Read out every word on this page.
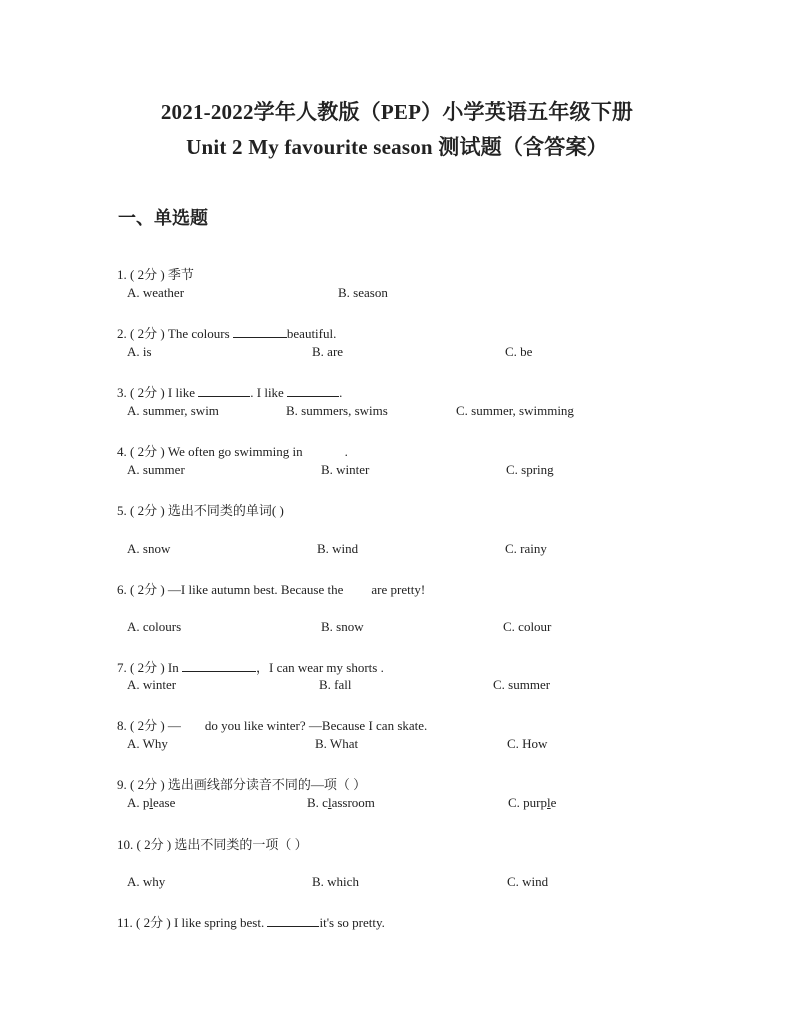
2021-2022学年人教版（PEP）小学英语五年级下册
Unit 2 My favourite season 测试题（含答案）
一、单选题
1. ( 2分 ) 季节
A. weather	B. season
2. ( 2分 ) The colours	beautiful.
A. is	B. are	C. be
3. ( 2分 ) I like	. I like	.
A. summer, swim	B. summers, swims	C. summer, swimming
4. ( 2分 ) We often go swimming in	.
A. summer	B. winter	C. spring
5. ( 2分 ) 选出不同类的单词( )
A. snow	B. wind	C. rainy
6. ( 2分 ) —I like autumn best. Because the are pretty!
A. colours	B. snow	C. colour
7. ( 2分 ) In	，I can wear my shorts .
A. winter	B. fall	C. summer
8. ( 2分 ) — do you like winter? —Because I can skate.
A. Why	B. What	C. How
9. ( 2分 ) 选出画线部分读音不同的—项（ ）
A. please	B. classroom	C. purple
10. ( 2分 ) 选出不同类的一项（ ）
A. why	B. which	C. wind
11. ( 2分 ) I like spring best.	it's so pretty.
